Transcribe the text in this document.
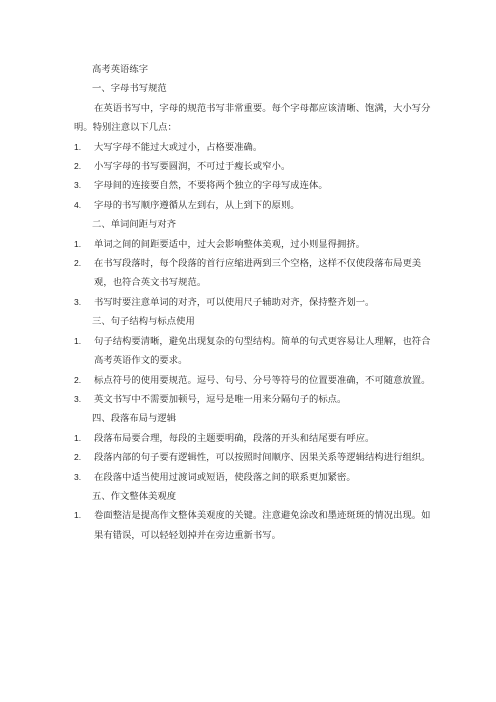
高考英语练字
一、字母书写规范
在英语书写中，字母的规范书写非常重要。每个字母都应该清晰、饱满，大小写分明。特别注意以下几点：
1.	大写字母不能过大或过小，占格要准确。
2.	小写字母的书写要圆润，不可过于瘦长或窄小。
3.	字母间的连接要自然，不要将两个独立的字母写成连体。
4.	字母的书写顺序遵循从左到右，从上到下的原则。
二、单词间距与对齐
1.	单词之间的间距要适中，过大会影响整体美观，过小则显得拥挤。
2.	在书写段落时，每个段落的首行应缩进两到三个空格，这样不仅使段落布局更美观，也符合英文书写规范。
3.	书写时要注意单词的对齐，可以使用尺子辅助对齐，保持整齐划一。
三、句子结构与标点使用
1.	句子结构要清晰，避免出现复杂的句型结构。简单的句式更容易让人理解，也符合高考英语作文的要求。
2.	标点符号的使用要规范。逗号、句号、分号等符号的位置要准确，不可随意放置。
3.	英文书写中不需要加顿号，逗号是唯一用来分隔句子的标点。
四、段落布局与逻辑
1.	段落布局要合理，每段的主题要明确，段落的开头和结尾要有呼应。
2.	段落内部的句子要有逻辑性，可以按照时间顺序、因果关系等逻辑结构进行组织。
3.	在段落中适当使用过渡词或短语，使段落之间的联系更加紧密。
五、作文整体美观度
1.	卷面整洁是提高作文整体美观度的关键。注意避免涂改和墨迹斑斑的情况出现。如果有错误，可以轻轻划掉并在旁边重新书写。
